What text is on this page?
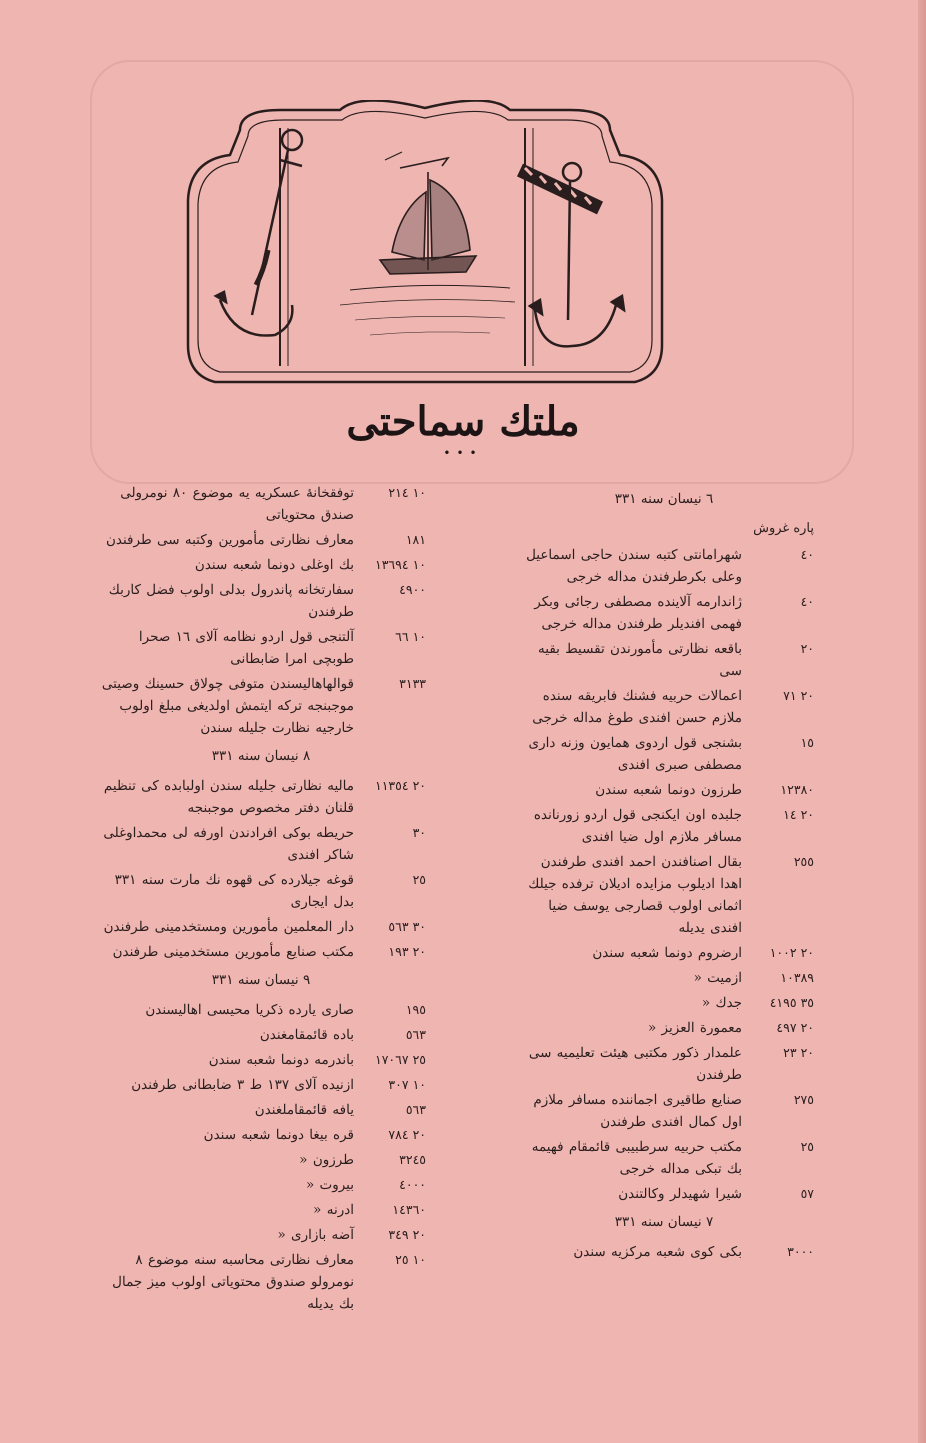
ملتك سماحتی
•••
٦ نيسان سنه ٣٣١
پاره غروش
٤٠
شهرامانتی كتبه سندن حاجی اسماعیل وعلی بكرطرفندن مداله خرجی
٤٠
ژاندارمه آلاينده مصطفی رجائی وبكر فهمی افنديلر طرفندن مداله خرجی
٢٠
باقعه نظارتی مأمورندن تقسيط بقيه سی
٢٠ ٧١
اعمالات حربيه فشنك فابريقه سنده ملازم حسن افندی طوغ مداله خرجی
١٥
بشنجی قول اردوی همايون وزنه داری مصطفی صبری افندی
١٢٣٨٠
طرزون دونما شعبه سندن
٢٠ ١٤
جلبده اون ايكنجی قول اردو زورنانده مسافر ملازم اول ضيا افندی
٢٥٥
بقال اصنافندن احمد افندی طرفندن اهدا اديلوب مزايده اديلان ترفده جيلك اثمانی اولوب قصارجی يوسف ضيا افندی يديله
٢٠ ١٠٠٢
ارضروم دونما شعبه سندن
١٠٣٨٩
ازميت «
٣٥ ٤١٩٥
جدك «
٢٠ ٤٩٧
معمورة العزيز «
٢٠ ٢٣
علمدار ذكور مكتبی هيئت تعليميه سی طرفندن
٢٧٥
صنايع طاقيری اجماننده مسافر ملازم اول كمال افندی طرفندن
٢٥
مكتب حربيه سرطبيبی قائمقام فهيمه بك تبكی مداله خرجی
٥٧
شيرا شهيدلر وكالتندن
٧ نيسان سنه ٣٣١
٣٠٠٠
بكی كوی شعبه مركزيه سندن
١٠ ٢١٤
توفقخانهٔ عسكريه يه موضوع ٨٠ نومرولی صندق محتوياتی
١٨١
معارف نظارتی مأمورين وكتبه سی طرفندن
١٠ ١٣٦٩٤
بك اوغلی دونما شعبه سندن
٤٩٠٠
سفارتخانه پاندرول بدلی اولوب فضل كاربك طرفندن
١٠ ٦٦
آلتنجی قول اردو نظامه آلای ١٦ صحرا طوبچی امرا ضابطانی
٣١٣٣
قوالهاهاليسندن متوفی چولاق حسينك وصيتی موجبنجه تركه ايتمش اولديغی مبلغ اولوب خارجيه نظارت جليله سندن
٨ نيسان سنه ٣٣١
٢٠ ١١٣٥٤
ماليه نظارتی جليله سندن اولبابده كی تنظيم قلنان دفتر مخصوص موجبنجه
٣٠
حريطه بوكی افرادندن اورفه لی محمداوغلی شاكر افندی
٢٥
قوغه جيلارده كی قهوه نك مارت سنه ٣٣١ بدل ايجاری
٣٠ ٥٦٣
دار المعلمين مأمورين ومستخدمينی طرفندن
٢٠ ١٩٣
مكتب صنايع مأمورين مستخدمينی طرفندن
٩ نيسان سنه ٣٣١
١٩٥
صاری يارده ذكريا محيسی اهاليسندن
٥٦٣
باده قائمقامغندن
٢٥ ١٧٠٦٧
باندرمه دونما شعبه سندن
١٠ ٣٠٧
ازنيده آلای ١٣٧ ط ٣ ضابطانی طرفندن
٥٦٣
يافه قائمقاملغندن
٢٠ ٧٨٤
قره بيغا دونما شعبه سندن
٣٢٤٥
طرزون «
٤٠٠٠
بيروت «
١٤٣٦٠
ادرنه «
٢٠ ٣٤٩
آضه بازاری «
١٠ ٢٥
معارف نظارتی محاسبه سنه موضوع ٨ نومرولو صندوق محتوياتی اولوب ميز جمال بك يديله
